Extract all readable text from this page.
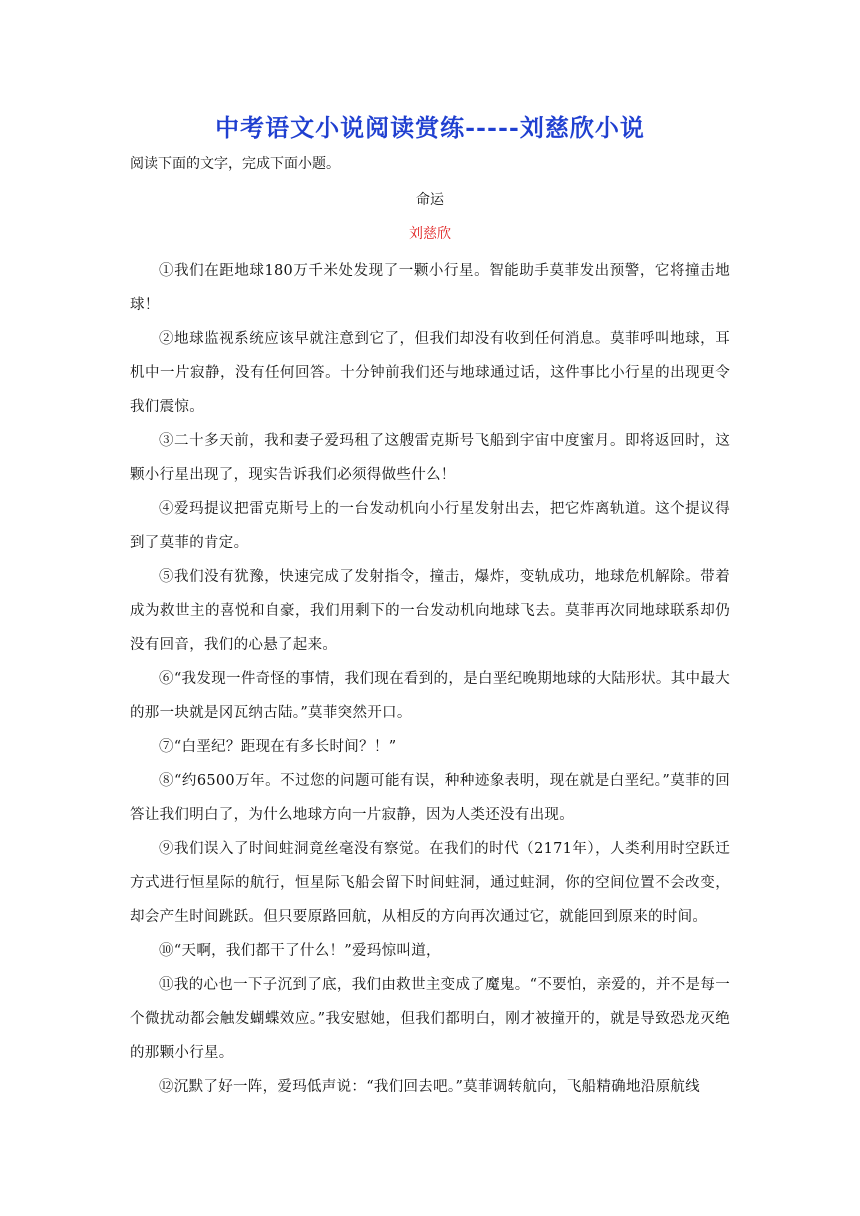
中考语文小说阅读赏练-----刘慈欣小说

阅读下面的文字，完成下面小题。

命运

刘慈欣

①我们在距地球180万千米处发现了一颗小行星。智能助手莫菲发出预警，它将撞击地球！

②地球监视系统应该早就注意到它了，但我们却没有收到任何消息。莫菲呼叫地球，耳机中一片寂静，没有任何回答。十分钟前我们还与地球通过话，这件事比小行星的出现更令我们震惊。

③二十多天前，我和妻子爱玛租了这艘雷克斯号飞船到宇宙中度蜜月。即将返回时，这颗小行星出现了，现实告诉我们必须得做些什么！

④爱玛提议把雷克斯号上的一台发动机向小行星发射出去，把它炸离轨道。这个提议得到了莫菲的肯定。

⑤我们没有犹豫，快速完成了发射指令，撞击，爆炸，变轨成功，地球危机解除。带着成为救世主的喜悦和自豪，我们用剩下的一台发动机向地球飞去。莫菲再次同地球联系却仍没有回音，我们的心悬了起来。

⑥“我发现一件奇怪的事情，我们现在看到的，是白垩纪晚期地球的大陆形状。其中最大的那一块就是冈瓦纳古陆。”莫菲突然开口。

⑦“白垩纪？距现在有多长时间？！”

⑧“约6500万年。不过您的问题可能有误，种种迹象表明，现在就是白垩纪。”莫菲的回答让我们明白了，为什么地球方向一片寂静，因为人类还没有出现。

⑨我们误入了时间蛀洞竟丝毫没有察觉。在我们的时代（2171年），人类利用时空跃迁方式进行恒星际的航行，恒星际飞船会留下时间蛀洞，通过蛀洞，你的空间位置不会改变，却会产生时间跳跃。但只要原路回航，从相反的方向再次通过它，就能回到原来的时间。

⑩“天啊，我们都干了什么！”爱玛惊叫道，

⑪我的心也一下子沉到了底，我们由救世主变成了魔鬼。“不要怕，亲爱的，并不是每一个微扰动都会触发蝴蝶效应。”我安慰她，但我们都明白，刚才被撞开的，就是导致恐龙灭绝的那颗小行星。

⑫沉默了好一阵，爱玛低声说：“我们回去吧。”莫菲调转航向，飞船精确地沿原航线
